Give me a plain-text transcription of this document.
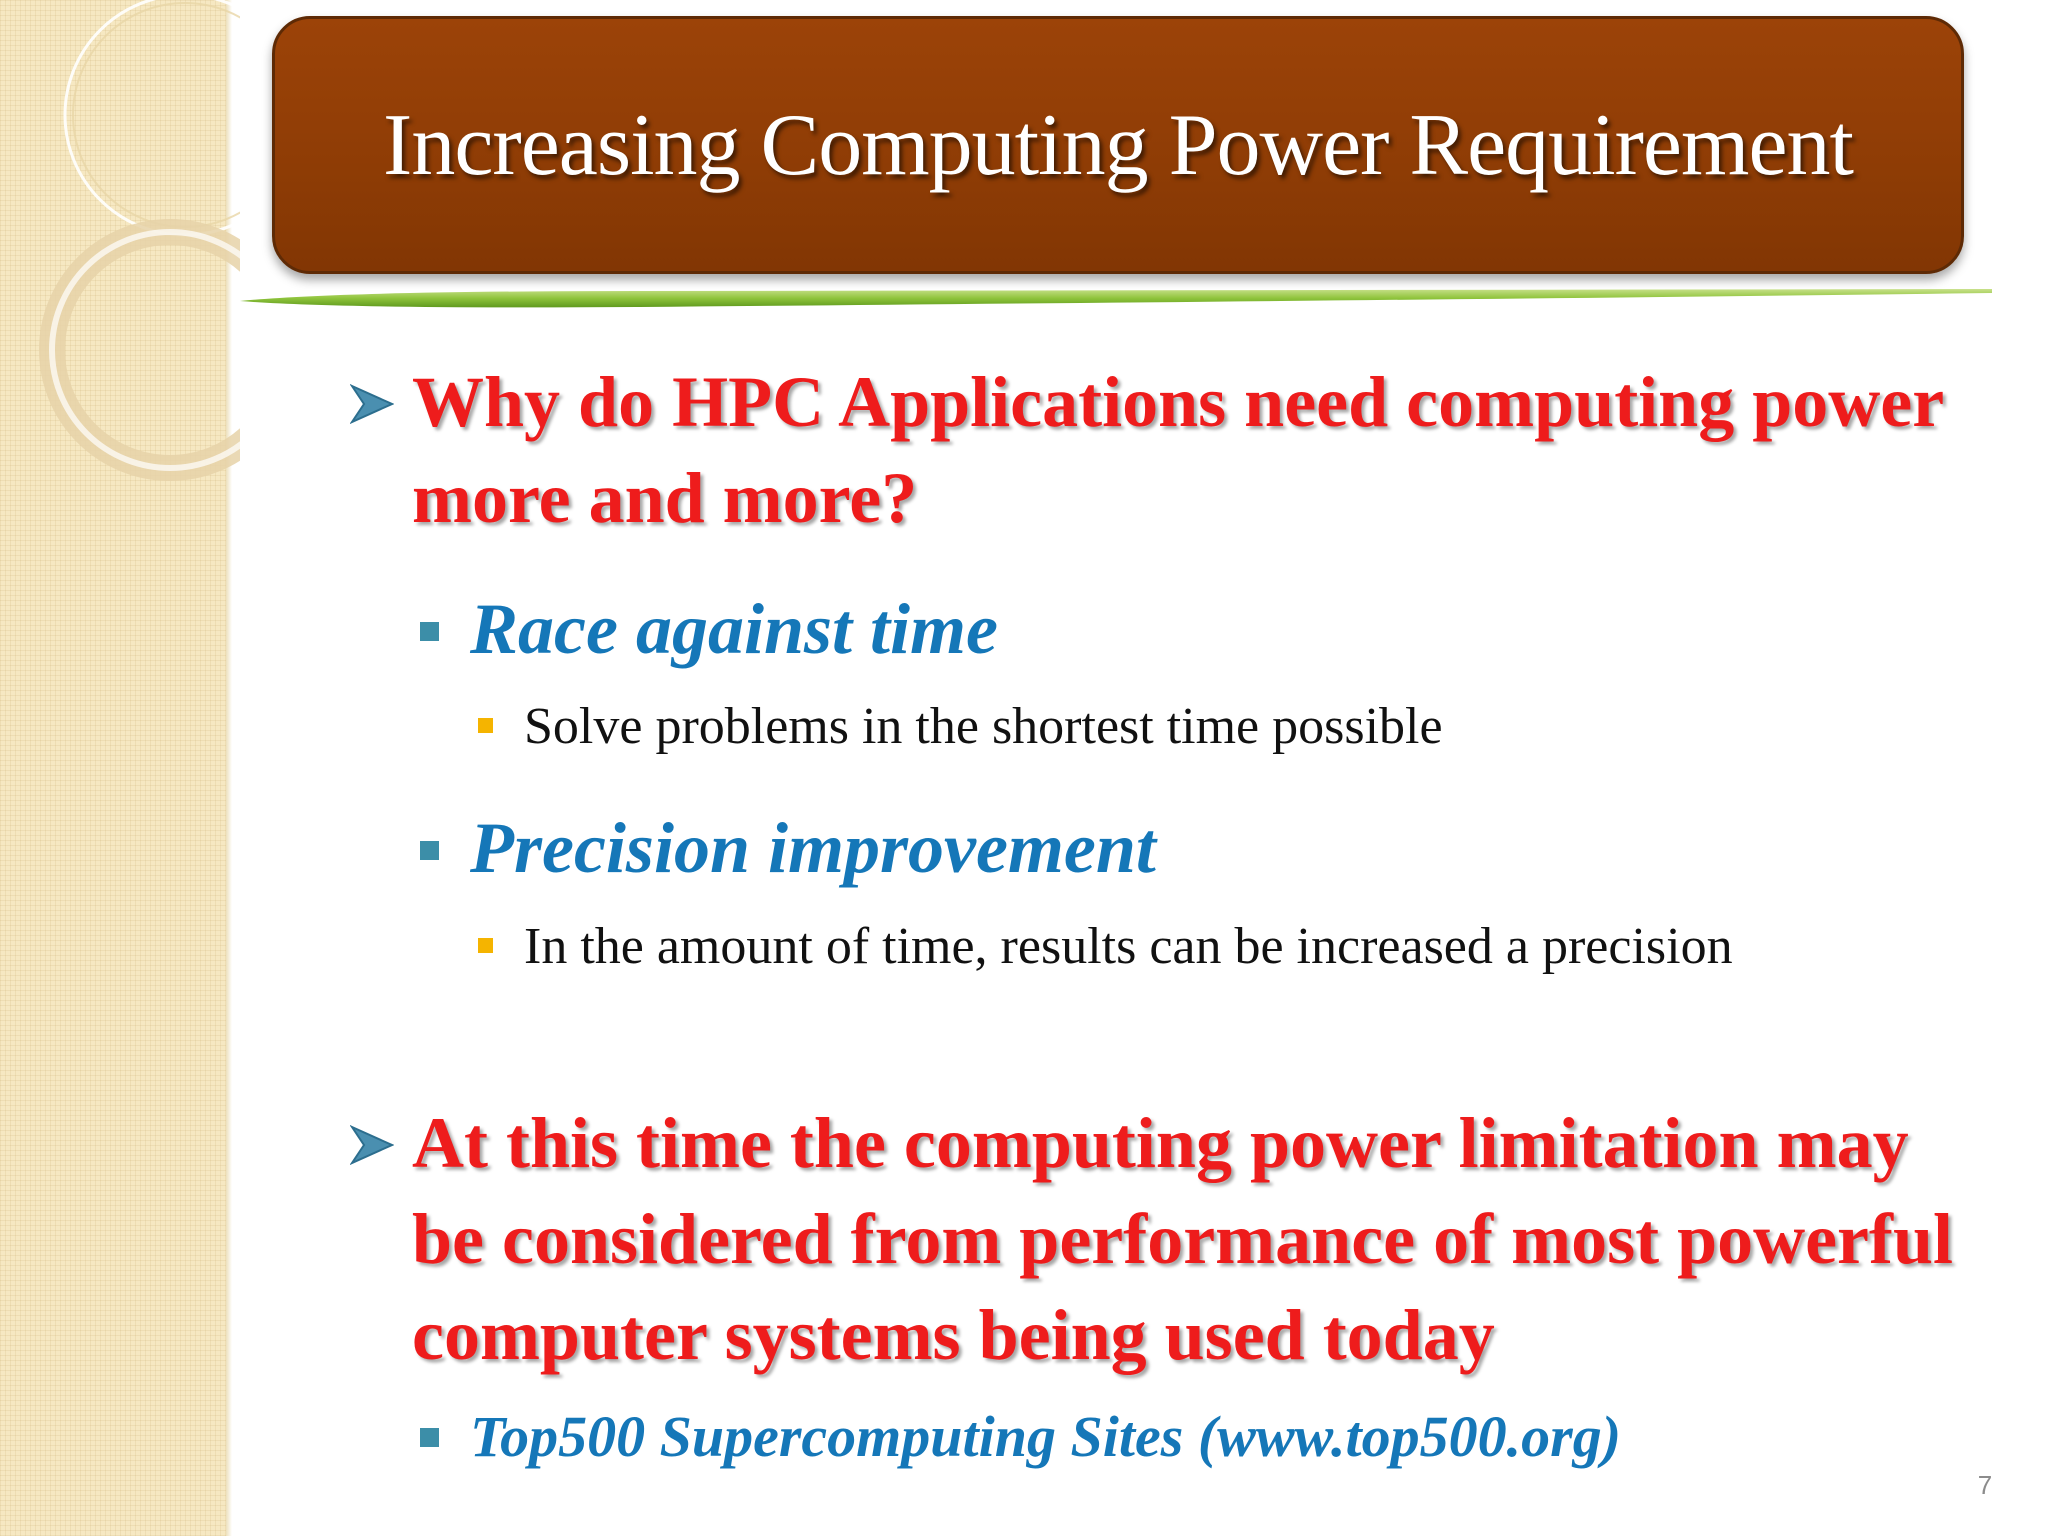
Increasing Computing Power Requirement
Why do HPC Applications need computing power more and more?
Race against time
Solve problems in the shortest time possible
Precision improvement
In the amount of time, results can be increased a precision
At this time the computing power limitation may be considered from performance of most powerful computer systems being used today
Top500 Supercomputing Sites (www.top500.org)
7
